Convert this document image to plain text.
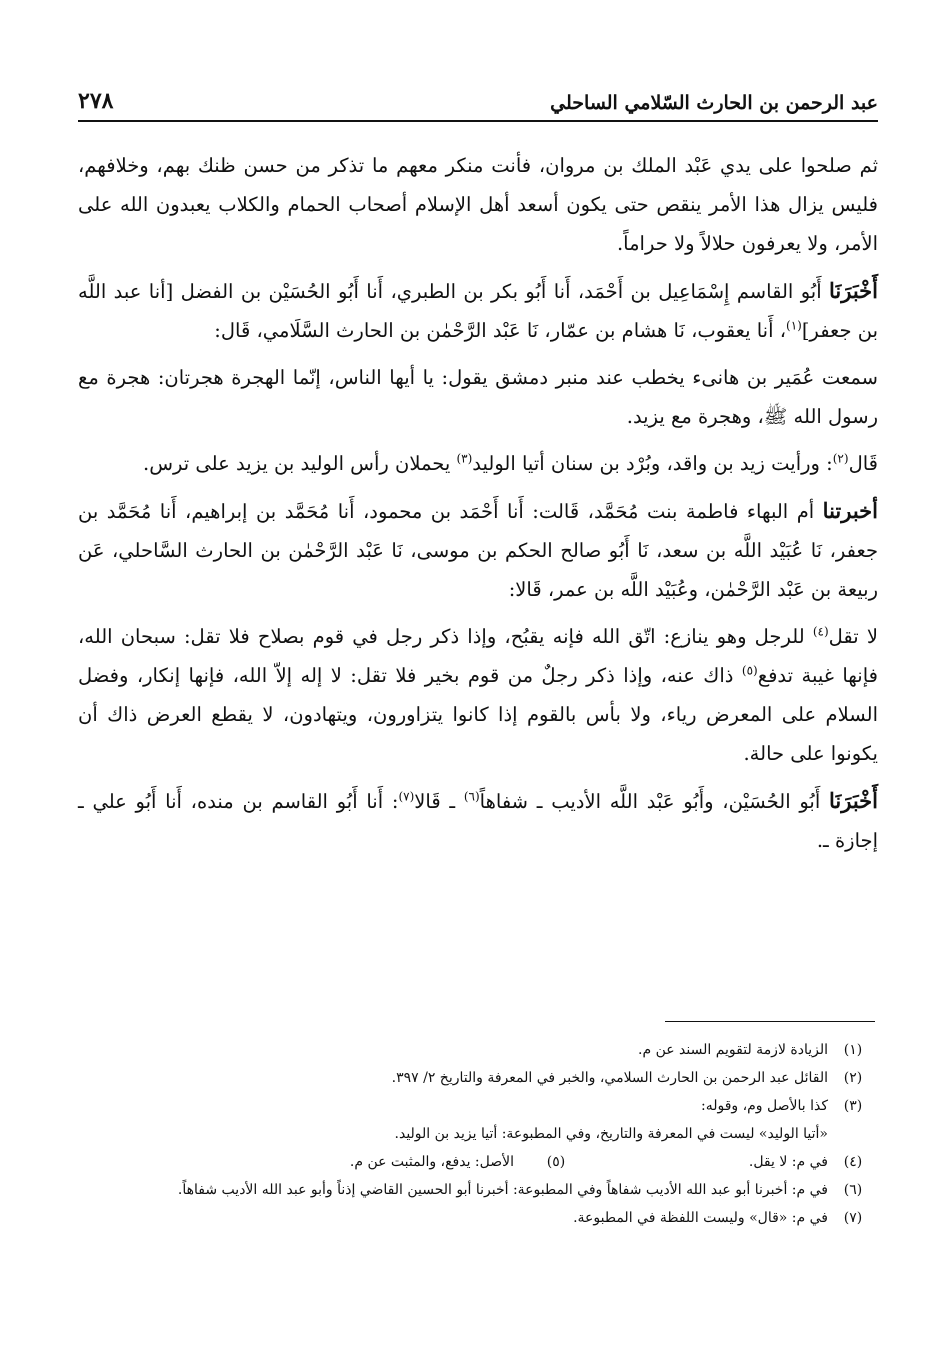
عبد الرحمن بن الحارث السّلامي الساحلي
٢٧٨

ثم صلحوا على يدي عَبْد الملك بن مروان، فأنت منكر معهم ما تذكر من حسن ظنك بهم، وخلافهم، فليس يزال هذا الأمر ينقص حتى يكون أسعد أهل الإسلام أصحاب الحمام والكلاب يعبدون الله على الأمر، ولا يعرفون حلالاً ولا حراماً.

أَخْبَرَنَا أَبُو القاسم إِسْمَاعِيل بن أَحْمَد، أَنا أَبُو بكر بن الطبري، أَنا أَبُو الحُسَيْن بن الفضل [أنا عبد اللَّه بن جعفر]$^{(١)}$، أَنا يعقوب، نَا هشام بن عمّار، نَا عَبْد الرَّحْمٰن بن الحارث السَّلَامي، قَال:

سمعت عُمَير بن هانىء يخطب عند منبر دمشق يقول: يا أيها الناس، إنّما الهجرة هجرتان: هجرة مع رسول الله ﷺ، وهجرة مع يزيد.

قَال$^{(٢)}$: ورأيت زيد بن واقد، وبُرْد بن سنان أتيا الوليد$^{(٣)}$ يحملان رأس الوليد بن يزيد على ترس.

أخبرتنا أم البهاء فاطمة بنت مُحَمَّد، قَالت: أَنا أَحْمَد بن محمود، أَنا مُحَمَّد بن إبراهيم، أَنا مُحَمَّد بن جعفر، نَا عُبَيْد اللَّه بن سعد، نَا أَبُو صالح الحكم بن موسى، نَا عَبْد الرَّحْمٰن بن الحارث السَّاحلي، عَن ربيعة بن عَبْد الرَّحْمٰن، وعُبَيْد اللَّه بن عمر، قَالا:

لا تقل$^{(٤)}$ للرجل وهو ينازع: اتّق الله فإنه يقبُح، وإذا ذكر رجل في قوم بصلاح فلا تقل: سبحان الله، فإنها غيبة تدفع$^{(٥)}$ ذاك عنه، وإذا ذكر رجلٌ من قوم بخير فلا تقل: لا إله إلاّ الله، فإنها إنكار، وفضل السلام على المعرض رياء، ولا بأس بالقوم إذا كانوا يتزاورون، ويتهادون، لا يقطع العرض ذاك أن يكونوا على حالة.

أَخْبَرَنَا أَبُو الحُسَيْن، وأَبُو عَبْد اللَّه الأديب ـ شفاهاً$^{(٦)}$ ـ قَالا$^{(٧)}$: أَنا أَبُو القاسم بن منده، أَنا أَبُو علي ـ إجازة ـ.

(١)
الزيادة لازمة لتقويم السند عن م.
(٢)
القائل عبد الرحمن بن الحارث السلامي، والخبر في المعرفة والتاريخ ٢/ ٣٩٧.
(٣)
كذا بالأصل وم، وقوله:
«أتيا الوليد» ليست في المعرفة والتاريخ، وفي المطبوعة: أتيا يزيد بن الوليد.
(٤)
في م: لا يقل.
(٥)
الأصل: يدفع، والمثبت عن م.
(٦)
في م: أخبرنا أبو عبد الله الأديب شفاهاً وفي المطبوعة: أخبرنا أبو الحسين القاضي إذناً وأبو عبد الله الأديب شفاهاً.
(٧)
في م: «قال» وليست اللفظة في المطبوعة.
